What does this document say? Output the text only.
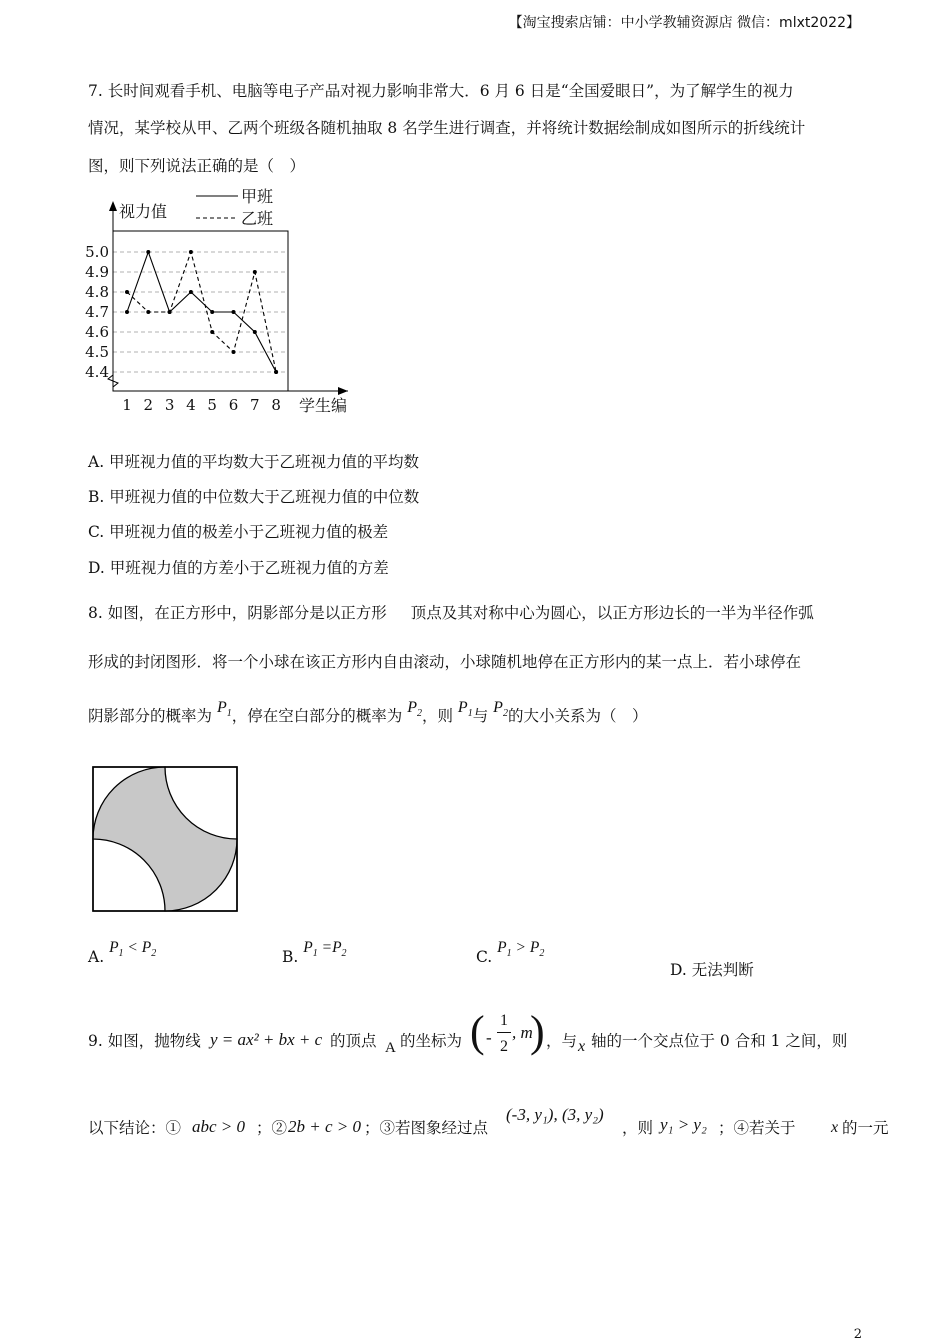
【淘宝搜索店铺：中小学教辅资源店 微信：mlxt2022】
7. 长时间观看手机、电脑等电子产品对视力影响非常大．6 月 6 日是“全国爱眼日”，为了解学生的视力
情况，某学校从甲、乙两个班级各随机抽取 8 名学生进行调查，并将统计数据绘制成如图所示的折线统计
图，则下列说法正确的是（　）
4.4
4.5
4.6
4.7
4.8
4.9
5.0
1 2 3 4 5 6 7 8
视力值
学生编
甲班
乙班
A. 甲班视力值的平均数大于乙班视力值的平均数
B. 甲班视力值的中位数大于乙班视力值的中位数
C. 甲班视力值的极差小于乙班视力值的极差
D. 甲班视力值的方差小于乙班视力值的方差
8. 如图，在正方形中，阴影部分是以正方形 顶点及其对称中心为圆心，以正方形边长的一半为半径作弧
形成的封闭图形．将一个小球在该正方形内自由滚动，小球随机地停在正方形内的某一点上．若小球停在
阴影部分的概率为 $P_1$，停在空白部分的概率为 $P_2$，则 $P_1$与 $P_2$的大小关系为（　）
A. $P_1 < P_2$	B. $P_1 =P_2$	C. $P_1 > P_2$
D. 无法判断
9. 如图，抛物线 y = ax² + bx + c 的顶点 A 的坐标为 ( -
1
2
, m
) ，与 x 轴的一个交点位于 0 合和 1 之间，则
以下结论：① abc > 0 ；② 2b + c > 0 ；③若图象经过点
(-3, y₁), (3, y₂)
，则 y₁ > y₂ ；④若关于 x 的一元
2
